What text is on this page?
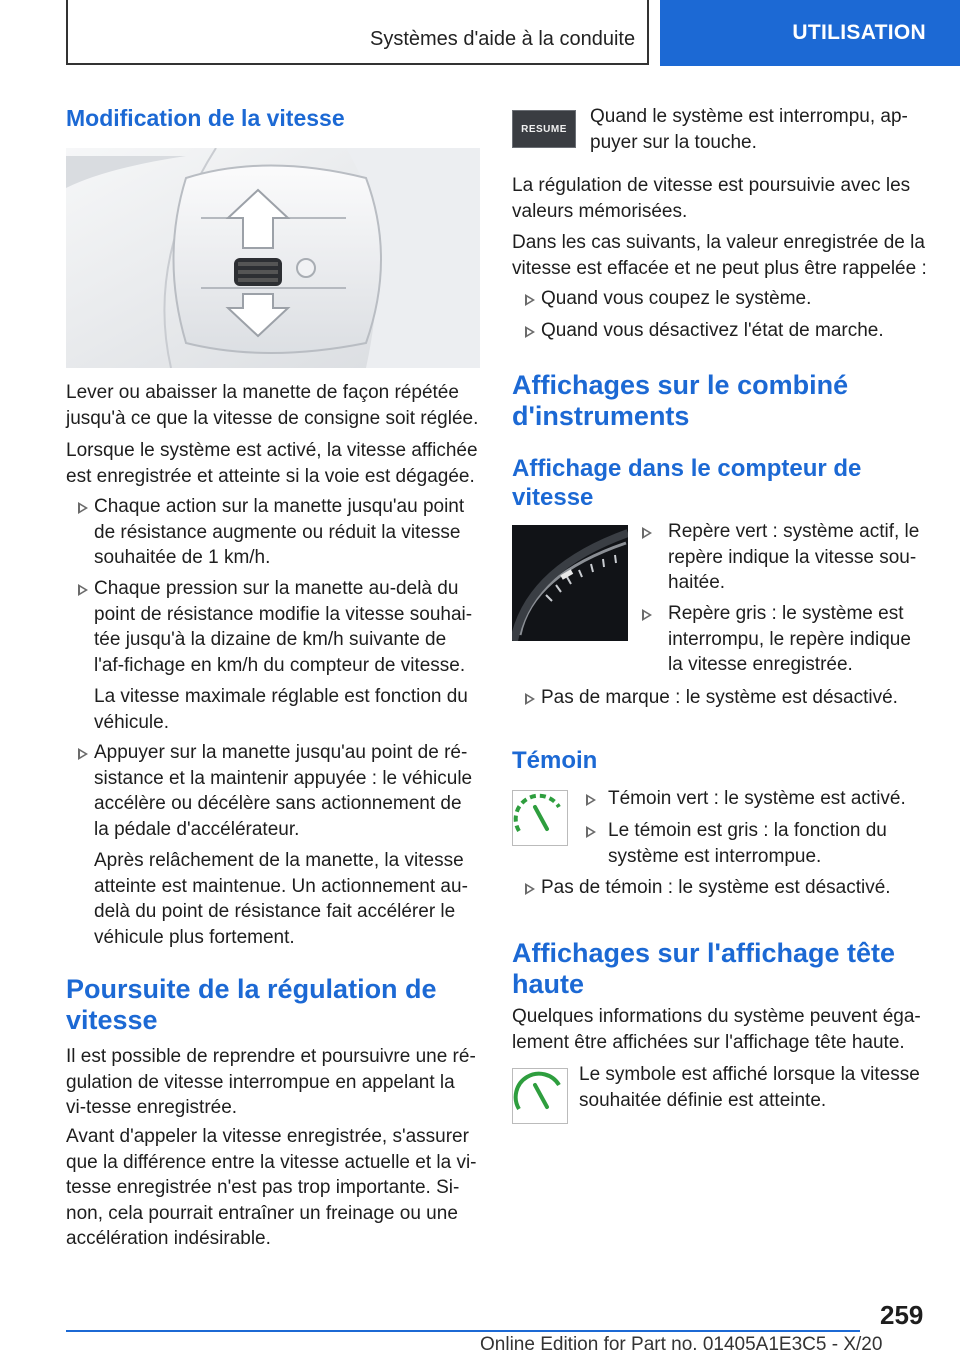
Systèmes d'aide à la conduite	UTILISATION
Modification de la vitesse

Lever ou abaisser la manette de façon répétée jusqu'à ce que la vitesse de consigne soit réglée.

Lorsque le système est activé, la vitesse affichée est enregistrée et atteinte si la voie est dégagée.

Chaque action sur la manette jusqu'au point de résistance augmente ou réduit la vitesse souhaitée de 1 km/h.
Chaque pression sur la manette au-delà du point de résistance modifie la vitesse souhai-tée jusqu'à la dizaine de km/h suivante de l'af-fichage en km/h du compteur de vitesse.
La vitesse maximale réglable est fonction du véhicule.
Appuyer sur la manette jusqu'au point de ré-sistance et la maintenir appuyée : le véhicule accélère ou décélère sans actionnement de la pédale d'accélérateur.
Après relâchement de la manette, la vitesse atteinte est maintenue. Un actionnement au-delà du point de résistance fait accélérer le véhicule plus fortement.
Poursuite de la régulation de vitesse

Il est possible de reprendre et poursuivre une ré-gulation de vitesse interrompue en appelant la vi-tesse enregistrée.

Avant d'appeler la vitesse enregistrée, s'assurer que la différence entre la vitesse actuelle et la vi-tesse enregistrée n'est pas trop importante. Si-non, cela pourrait entraîner un freinage ou une accélération indésirable.

RESUME

Quand le système est interrompu, ap-puyer sur la touche.

La régulation de vitesse est poursuivie avec les valeurs mémorisées.

Dans les cas suivants, la valeur enregistrée de la vitesse est effacée et ne peut plus être rappelée :

Quand vous coupez le système.
Quand vous désactivez l'état de marche.
Affichages sur le combiné d'instruments
Affichage dans le compteur de vitesse
Repère vert : système actif, le repère indique la vitesse sou-haitée.
Repère gris : le système est interrompu, le repère indique la vitesse enregistrée.
Pas de marque : le système est désactivé.
Témoin
Témoin vert : le système est activé.
Le témoin est gris : la fonction du système est interrompue.
Pas de témoin : le système est désactivé.
Affichages sur l'affichage tête haute

Quelques informations du système peuvent éga-lement être affichées sur l'affichage tête haute.

Le symbole est affiché lorsque la vitesse souhaitée définie est atteinte.

259
Online Edition for Part no. 01405A1E3C5 - X/20
